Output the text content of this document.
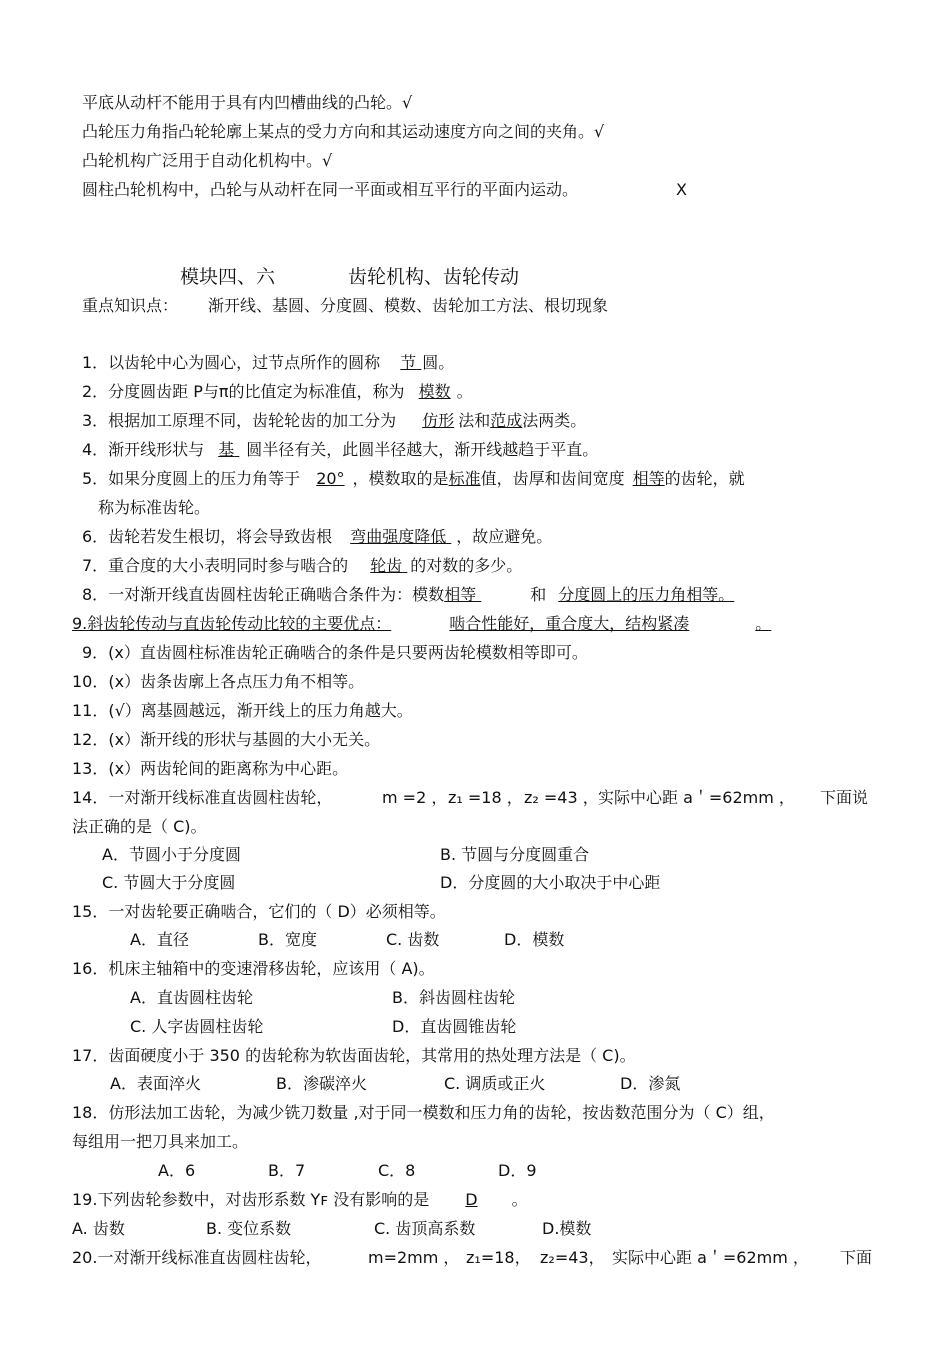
平底从动杆不能用于具有内凹槽曲线的凸轮。√
凸轮压力角指凸轮轮廓上某点的受力方向和其运动速度方向之间的夹角。√
凸轮机构广泛用于自动化机构中。√
圆柱凸轮机构中，凸轮与从动杆在同一平面或相互平行的平面内运动。	X
模块四、六	齿轮机构、齿轮传动
重点知识点： 渐开线、基圆、分度圆、模数、齿轮加工方法、根切现象
1．以齿轮中心为圆心，过节点所作的圆称 节 圆。
2．分度圆齿距 P与π的比值定为标准值，称为 模数 。
3．根据加工原理不同，齿轮轮齿的加工分为 仿形 法和范成法两类。
4．渐开线形状与 基 圆半径有关，此圆半径越大，渐开线越趋于平直。
5．如果分度圆上的压力角等于 20° ，模数取的是标准值，齿厚和齿间宽度 相等的齿轮，就
称为标准齿轮。
6．齿轮若发生根切，将会导致齿根 弯曲强度降低 ，故应避免。
7．重合度的大小表明同时参与啮合的 轮齿 的对数的多少。
8．一对渐开线直齿圆柱齿轮正确啮合条件为：模数相等	和 分度圆上的压力角相等。
9.斜齿轮传动与直齿轮传动比较的主要优点：	啮合性能好，重合度大，结构紧凑	。
9．(x）直齿圆柱标准齿轮正确啮合的条件是只要两齿轮模数相等即可。
10．(x）齿条齿廓上各点压力角不相等。
11．(√）离基圆越远，渐开线上的压力角越大。
12．(x）渐开线的形状与基圆的大小无关。
13．(x）两齿轮间的距离称为中心距。
14．一对渐开线标准直齿圆柱齿轮，	m =2 ， z₁ =18 ， z₂ =43 ， 实际中心距 a＇=62mm ， 下面说
法正确的是（ C)。
A．节圆小于分度圆	B. 节圆与分度圆重合
C. 节圆大于分度圆	D．分度圆的大小取决于中心距
15．一对齿轮要正确啮合，它们的（ D）必须相等。
A．直径	B．宽度	C. 齿数	D．模数
16．机床主轴箱中的变速滑移齿轮，应该用（ A)。
A．直齿圆柱齿轮	B．斜齿圆柱齿轮
C. 人字齿圆柱齿轮	D．直齿圆锥齿轮
17．齿面硬度小于 350 的齿轮称为软齿面齿轮，其常用的热处理方法是（ C)。
A．表面淬火	B．渗碳淬火	C. 调质或正火	D．渗氮
18．仿形法加工齿轮，为减少铣刀数量 ,对于同一模数和压力角的齿轮，按齿数范围分为（ C）组，
每组用一把刀具来加工。
A．6	B．7	C．8	D．9
19.下列齿轮参数中，对齿形系数 Yꜰ 没有影响的是 D 。
A. 齿数	B. 变位系数	C. 齿顶高系数	D.模数
20.一对渐开线标准直齿圆柱齿轮，	m=2mm ， z₁=18， z₂=43， 实际中心距 a＇=62mm ， 下面
